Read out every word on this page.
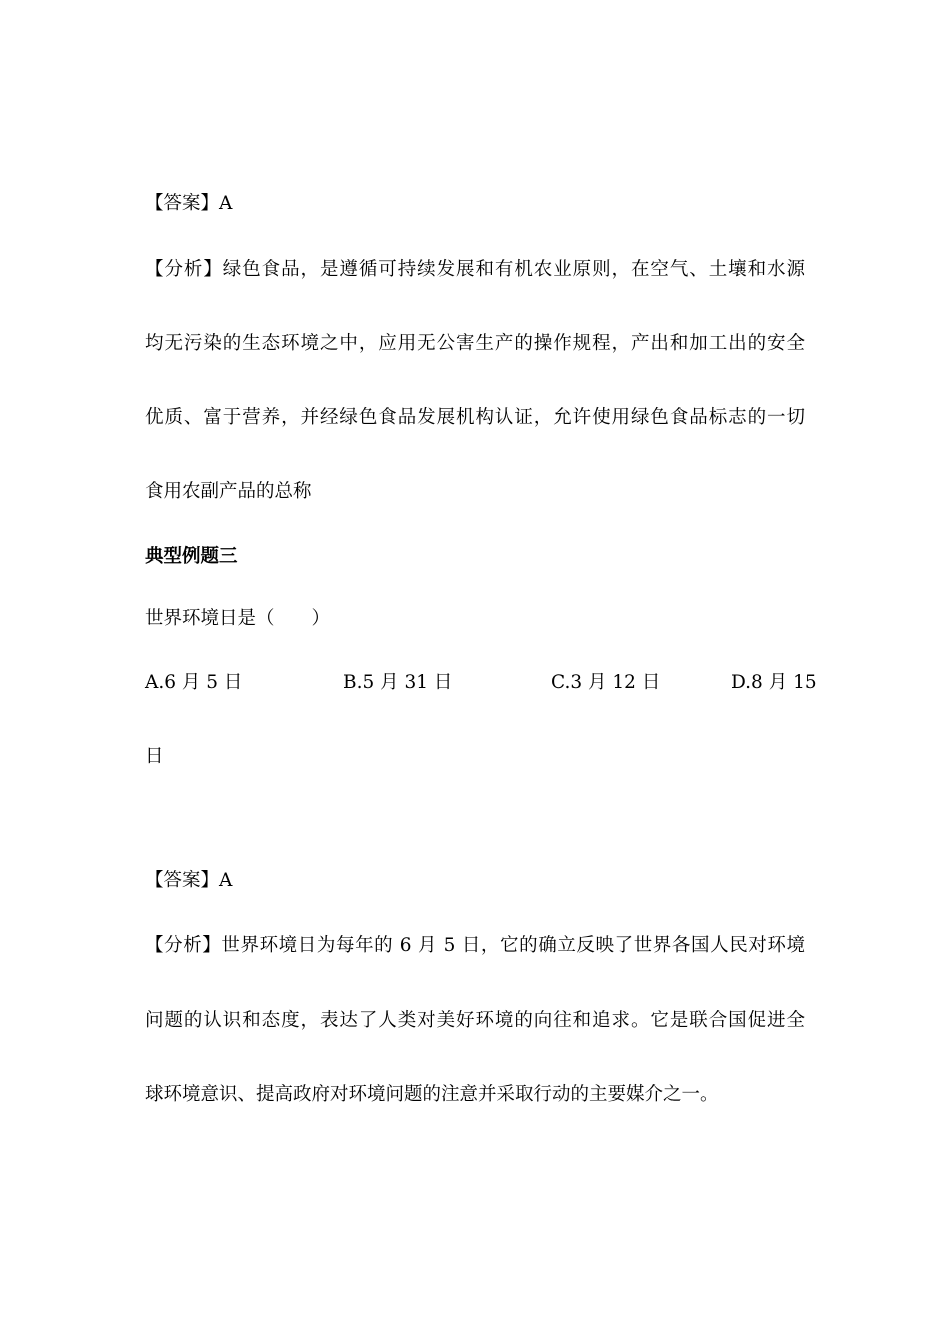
【答案】A
【分析】绿色食品，是遵循可持续发展和有机农业原则，在空气、土壤和水源
均无污染的生态环境之中，应用无公害生产的操作规程，产出和加工出的安全
优质、富于营养，并经绿色食品发展机构认证，允许使用绿色食品标志的一切
食用农副产品的总称
典型例题三
世界环境日是（　　）
A.6 月 5 日	B.5 月 31 日	C.3 月 12 日	D.8 月 15
日
【答案】A
【分析】世界环境日为每年的 6 月 5 日，它的确立反映了世界各国人民对环境
问题的认识和态度，表达了人类对美好环境的向往和追求。它是联合国促进全
球环境意识、提高政府对环境问题的注意并采取行动的主要媒介之一。
